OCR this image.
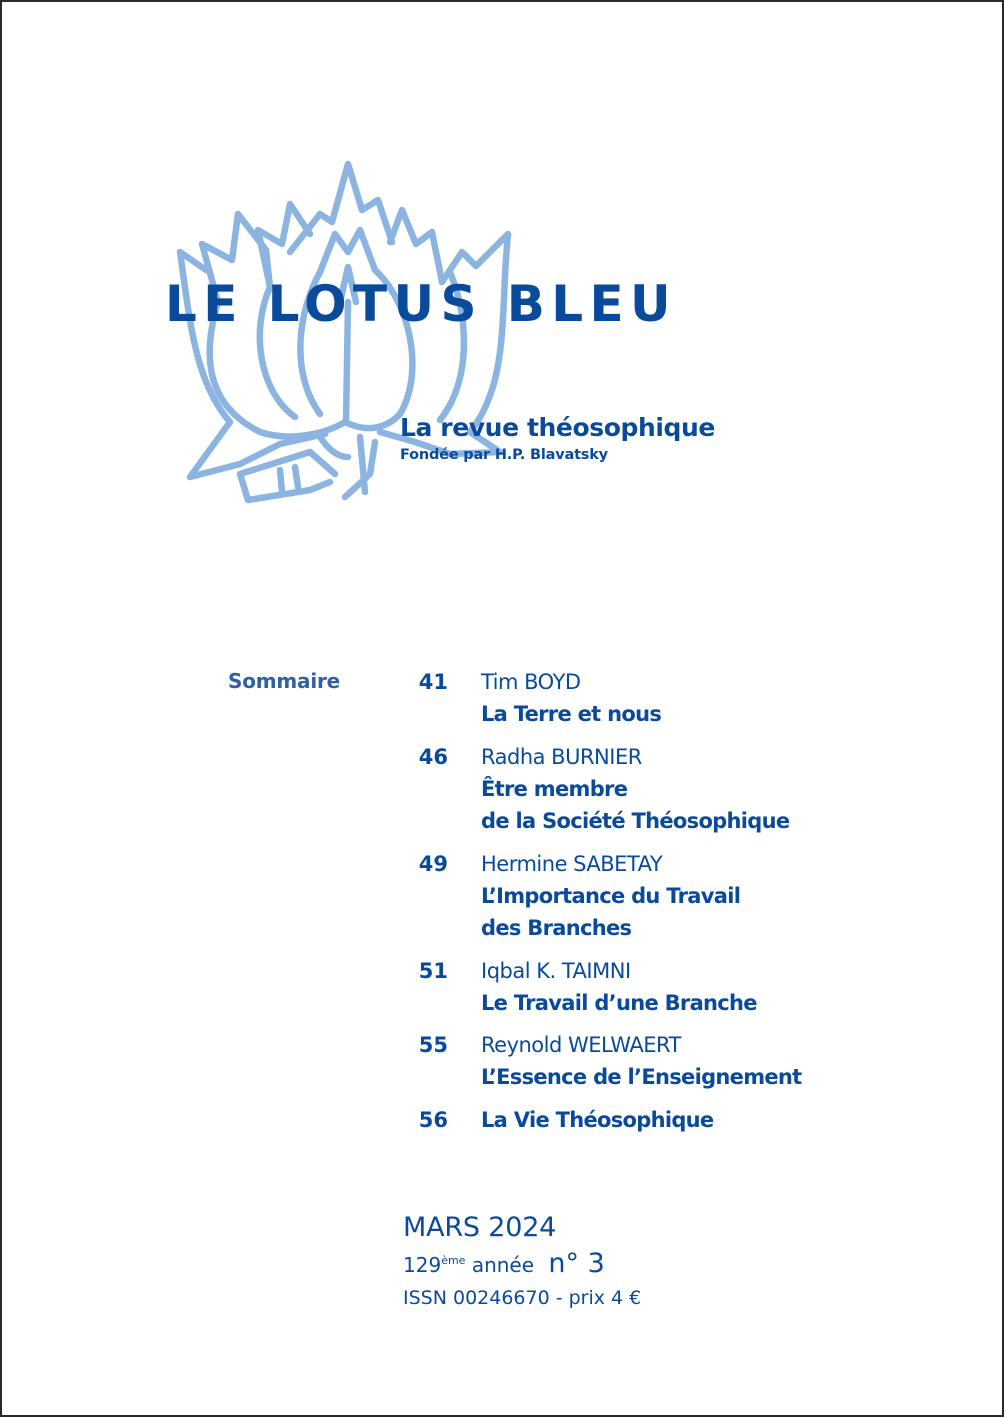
LE LOTUS BLEU
La revue théosophique
Fondée par H.P. Blavatsky
Sommaire	41 Tim BOYD
La Terre et nous
46 Radha BURNIER
Être membre
de la Société Théosophique
49 Hermine SABETAY
L’Importance du Travail
des Branches
51 Iqbal K. TAIMNI
Le Travail d’une Branche
55 Reynold WELWAERT
L’Essence de l’Enseignement
56 La Vie Théosophique
MARS 2024
129ème année n° 3
ISSN 00246670 - prix 4 €
